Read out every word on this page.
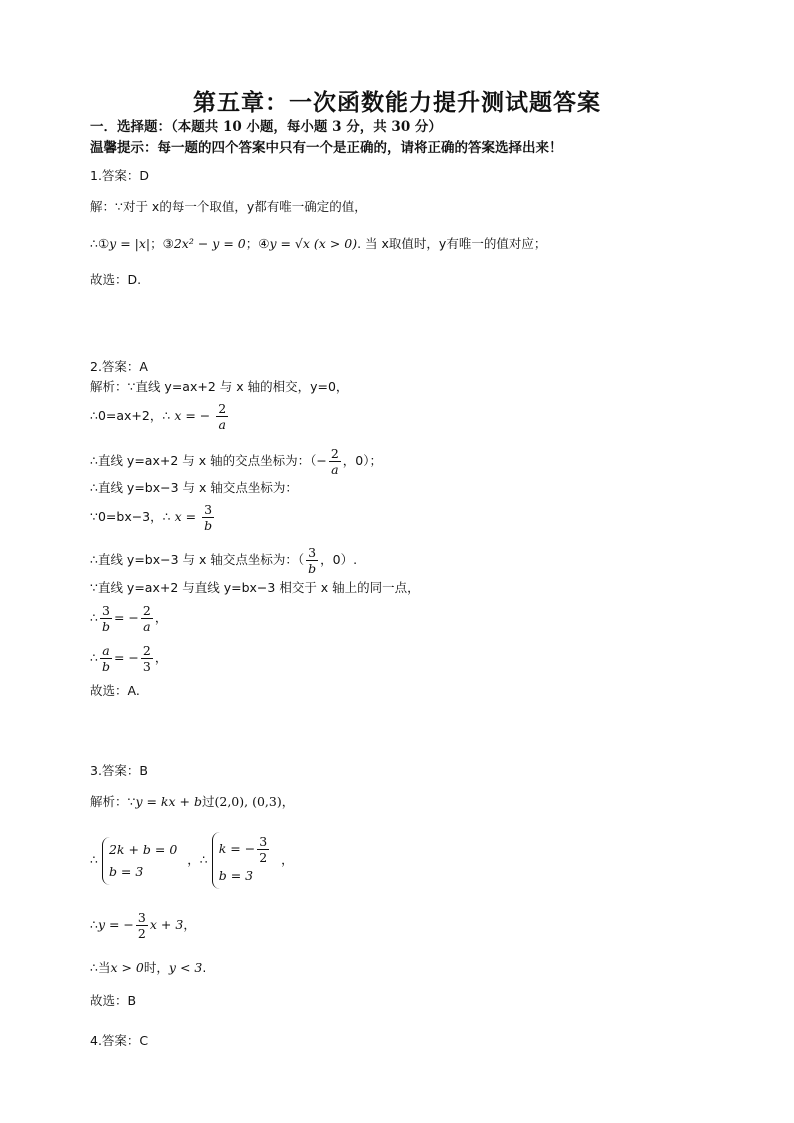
第五章：一次函数能力提升测试题答案
一．选择题：（本题共 10 小题，每小题 3 分，共 30 分）
温馨提示：每一题的四个答案中只有一个是正确的，请将正确的答案选择出来！
1.答案：D
解：∵对于 x的每一个取值，y都有唯一确定的值，
∴①y = |x|；③2x² − y = 0；④y = √x (x > 0). 当 x取值时，y有唯一的值对应；
故选：D.
2.答案：A
解析：∵直线 y=ax+2 与 x 轴的相交，y=0，
∴0=ax+2，∴ x = − $\frac{2}{a}$
∴直线 y=ax+2 与 x 轴的交点坐标为：（− $\frac{2}{a}$ ，0）；
∴直线 y=bx−3 与 x 轴交点坐标为：
∵0=bx−3，∴ $x = \frac{3}{b}$
∴直线 y=bx−3 与 x 轴交点坐标为：（ $\frac{3}{b}$ ，0）.
∵直线 y=ax+2 与直线 y=bx−3 相交于 x 轴上的同一点，
∴ $\frac{3}{b}$ = − $\frac{2}{a}$ ，
∴ $\frac{a}{b}$ = − $\frac{2}{3}$ ，
故选：A.
3.答案：B
解析：∵y = kx + b过(2,0), (0,3)，
∴
2k + b = 0
b = 3
，∴
k = − $\frac{3}{2}$
b = 3
，
∴y = − $\frac{3}{2}$ x + 3，
∴当x > 0时，y < 3.
故选：B
4.答案：C
